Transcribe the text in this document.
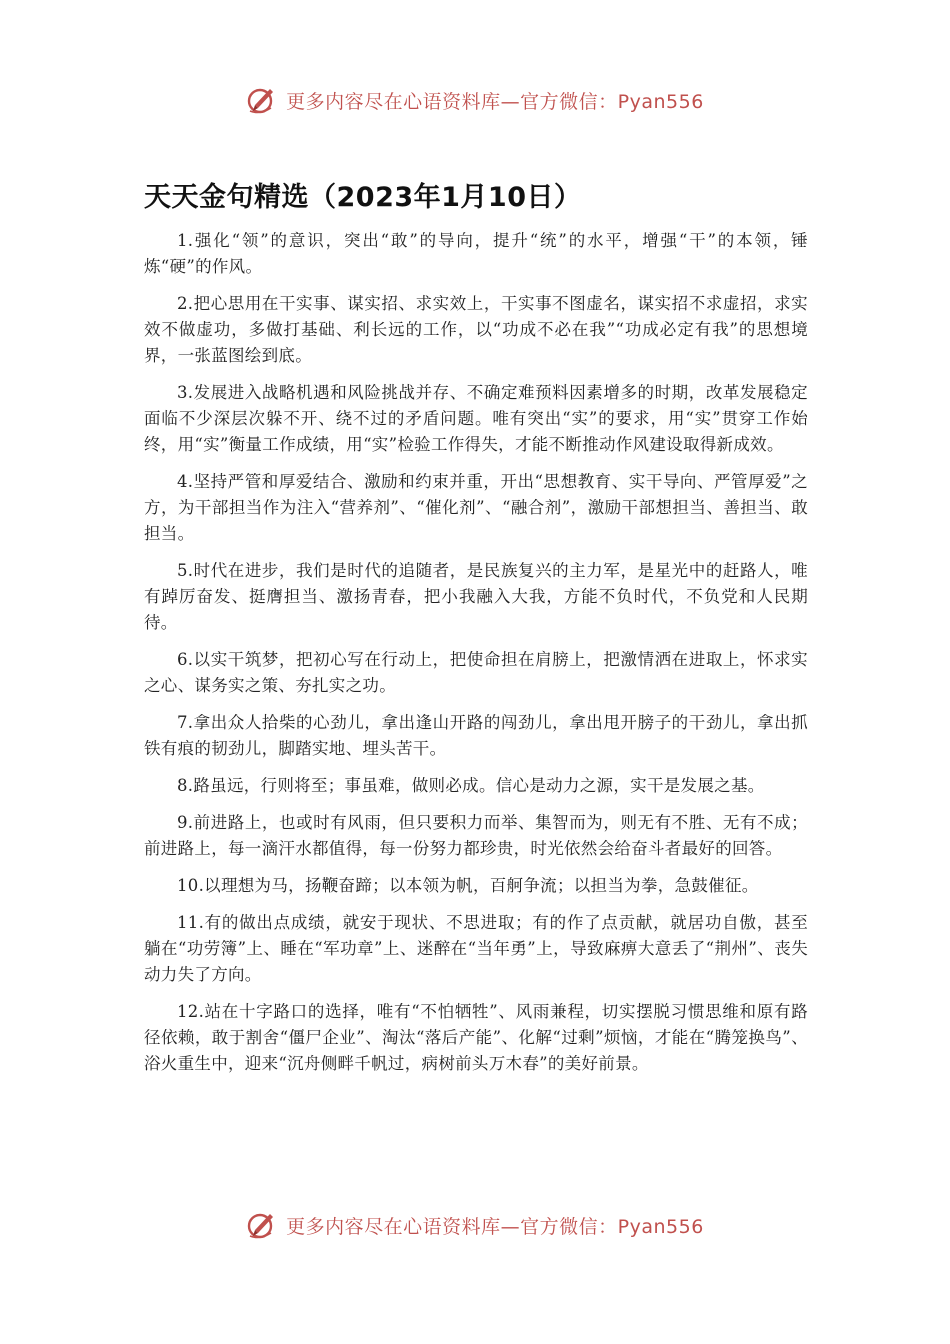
更多内容尽在心语资料库—官方微信：Pyan556
天天金句精选（2023年1月10日）

1.强化“领”的意识，突出“敢”的导向，提升“统”的水平，增强“干”的本领，锤炼“硬”的作风。

2.把心思用在干实事、谋实招、求实效上，干实事不图虚名，谋实招不求虚招，求实效不做虚功，多做打基础、利长远的工作，以“功成不必在我”“功成必定有我”的思想境界，一张蓝图绘到底。

3.发展进入战略机遇和风险挑战并存、不确定难预料因素增多的时期，改革发展稳定面临不少深层次躲不开、绕不过的矛盾问题。唯有突出“实”的要求，用“实”贯穿工作始终，用“实”衡量工作成绩，用“实”检验工作得失，才能不断推动作风建设取得新成效。

4.坚持严管和厚爱结合、激励和约束并重，开出“思想教育、实干导向、严管厚爱”之方，为干部担当作为注入“营养剂”、“催化剂”、“融合剂”，激励干部想担当、善担当、敢担当。

5.时代在进步，我们是时代的追随者，是民族复兴的主力军，是星光中的赶路人，唯有踔厉奋发、挺膺担当、激扬青春，把小我融入大我，方能不负时代，不负党和人民期待。

6.以实干筑梦，把初心写在行动上，把使命担在肩膀上，把激情洒在进取上，怀求实之心、谋务实之策、夯扎实之功。

7.拿出众人拾柴的心劲儿，拿出逢山开路的闯劲儿，拿出甩开膀子的干劲儿，拿出抓铁有痕的韧劲儿，脚踏实地、埋头苦干。

8.路虽远，行则将至；事虽难，做则必成。信心是动力之源，实干是发展之基。

9.前进路上，也或时有风雨，但只要积力而举、集智而为，则无有不胜、无有不成；前进路上，每一滴汗水都值得，每一份努力都珍贵，时光依然会给奋斗者最好的回答。

10.以理想为马，扬鞭奋蹄；以本领为帆，百舸争流；以担当为拳，急鼓催征。

11.有的做出点成绩，就安于现状、不思进取；有的作了点贡献，就居功自傲，甚至躺在“功劳簿”上、睡在“军功章”上、迷醉在“当年勇”上，导致麻痹大意丢了“荆州”、丧失动力失了方向。

12.站在十字路口的选择，唯有“不怕牺牲”、风雨兼程，切实摆脱习惯思维和原有路径依赖，敢于割舍“僵尸企业”、淘汰“落后产能”、化解“过剩”烦恼，才能在“腾笼换鸟”、浴火重生中，迎来“沉舟侧畔千帆过，病树前头万木春”的美好前景。

更多内容尽在心语资料库—官方微信：Pyan556
